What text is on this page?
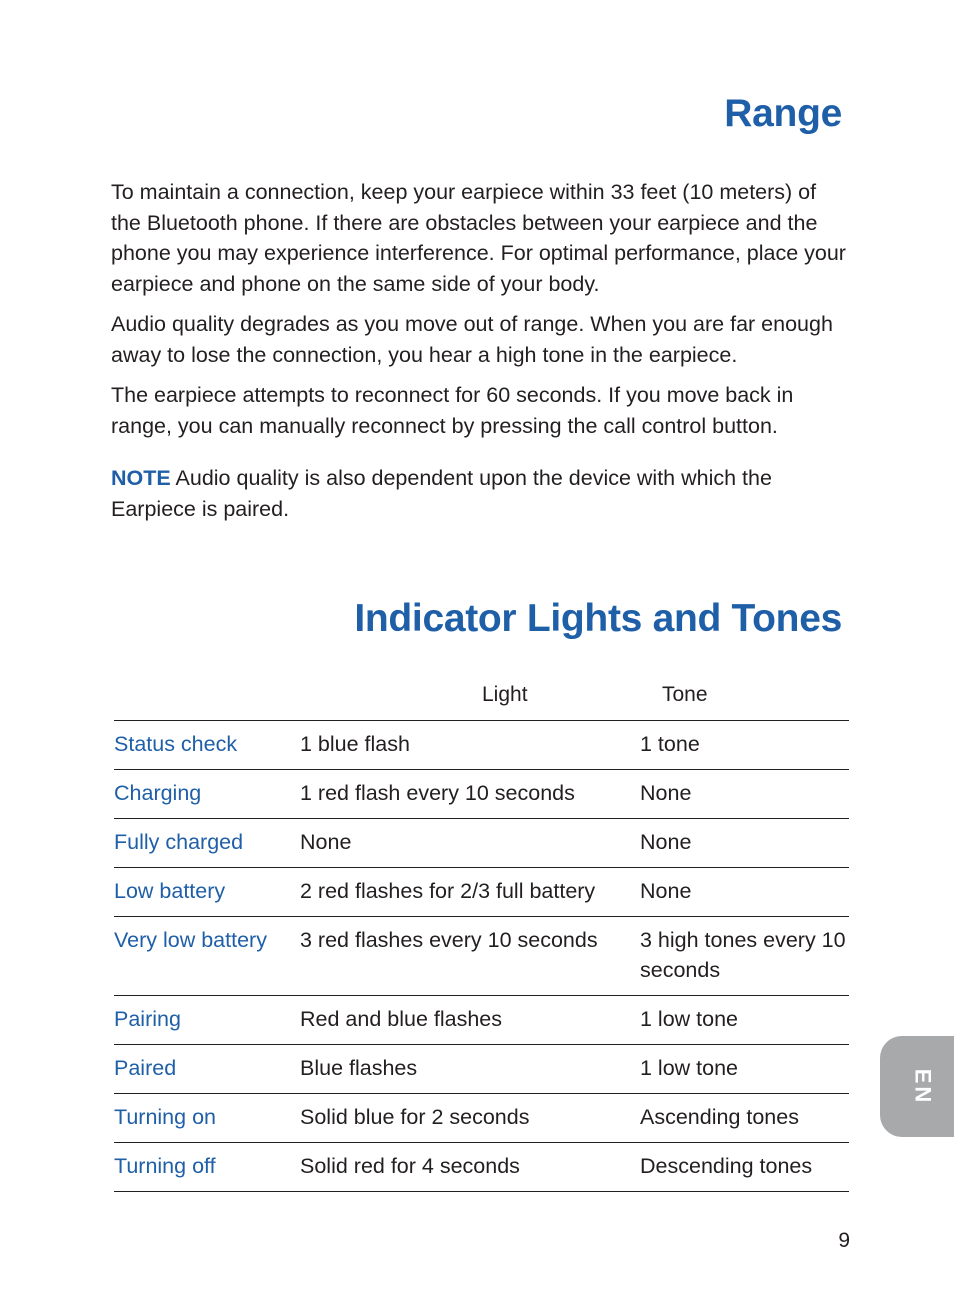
Range

To maintain a connection, keep your earpiece within 33 feet (10 meters) of the Bluetooth phone. If there are obstacles between your earpiece and the phone you may experience interference. For optimal performance, place your earpiece and phone on the same side of your body.

Audio quality degrades as you move out of range. When you are far enough away to lose the connection, you hear a high tone in the earpiece.

The earpiece attempts to reconnect for 60 seconds. If you move back in range, you can manually reconnect by pressing the call control button.

NOTE Audio quality is also dependent upon the device with which the Earpiece is paired.

Indicator Lights and Tones
	Light	Tone
Status check	1 blue flash	1 tone
Charging	1 red flash every 10 seconds	None
Fully charged	None	None
Low battery	2 red flashes for 2/3 full battery	None
Very low battery	3 red flashes every 10 seconds	3 high tones every 10 seconds
Pairing	Red and blue flashes	1 low tone
Paired	Blue flashes	1 low tone
Turning on	Solid blue for 2 seconds	Ascending tones
Turning off	Solid red for 4 seconds	Descending tones
EN
9
